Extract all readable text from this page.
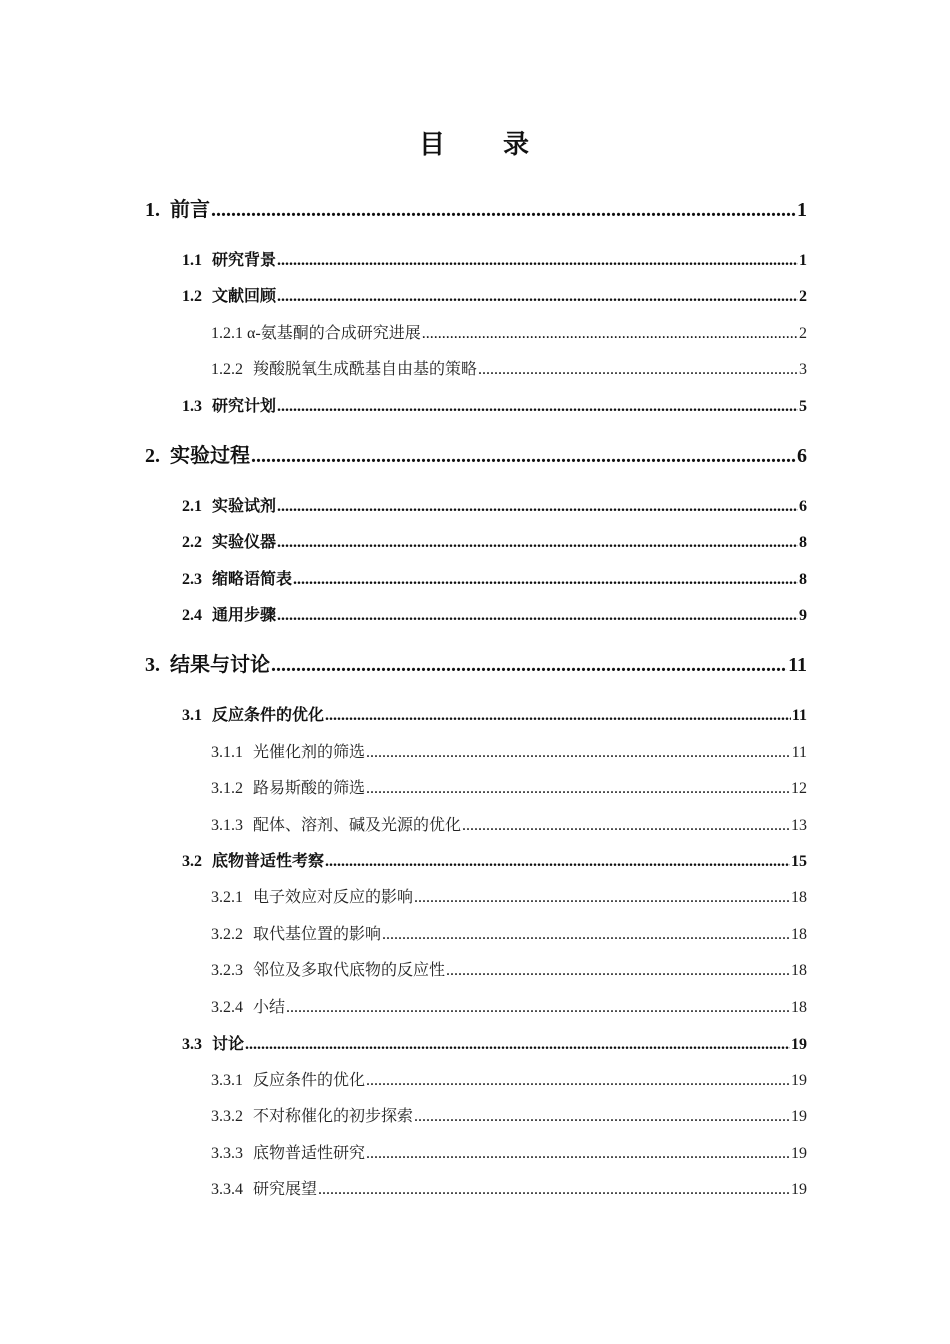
目　　录
1. 前言 .....	1
1.1 研究背景 .....	1
1.2 文献回顾 .....	2
1.2.1 α-氨基酮的合成研究进展 .....	2
1.2.2 羧酸脱氧生成酰基自由基的策略 .....	3
1.3 研究计划 .....	5
2. 实验过程 .....	6
2.1 实验试剂 .....	6
2.2 实验仪器 .....	8
2.3 缩略语简表 .....	8
2.4 通用步骤 .....	9
3. 结果与讨论 .....	11
3.1 反应条件的优化 .....	11
3.1.1 光催化剂的筛选 .....	11
3.1.2 路易斯酸的筛选 .....	12
3.1.3 配体、溶剂、碱及光源的优化 .....	13
3.2 底物普适性考察 .....	15
3.2.1 电子效应对反应的影响 .....	18
3.2.2 取代基位置的影响 .....	18
3.2.3 邻位及多取代底物的反应性 .....	18
3.2.4 小结 .....	18
3.3 讨论 .....	19
3.3.1 反应条件的优化 .....	19
3.3.2 不对称催化的初步探索 .....	19
3.3.3 底物普适性研究 .....	19
3.3.4 研究展望 .....	19
